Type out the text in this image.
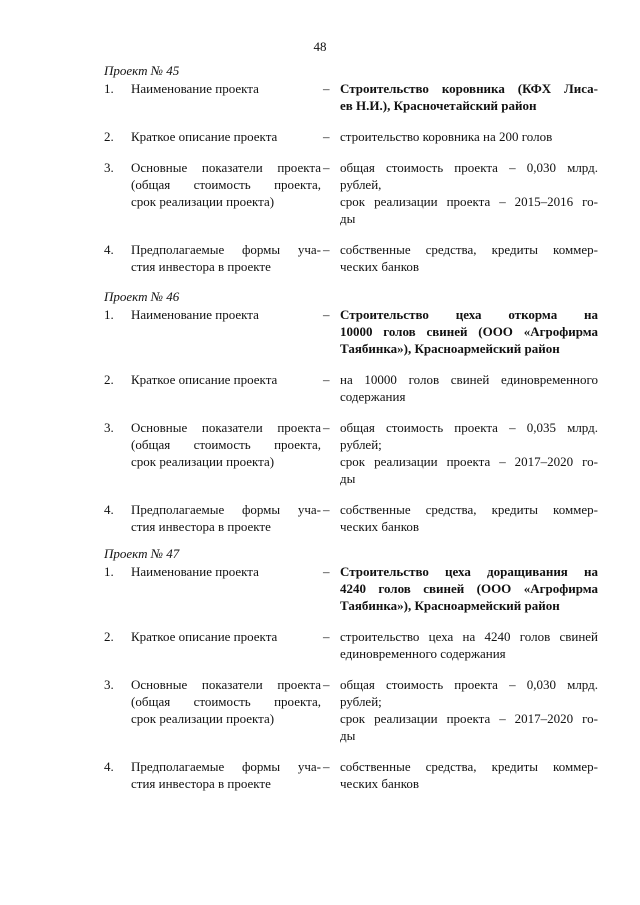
48
Проект № 45
1.	Наименование проекта	– Строительство коровника (КФХ Лиса-
ев Н.И.), Красночетайский район
2.	Краткое описание проекта	– строительство коровника на 200 голов
3.	Основные показатели проекта
(общая стоимость проекта,
срок реализации проекта)
– общая стоимость проекта – 0,030 млрд.
рублей,
срок реализации проекта – 2015–2016 го-
ды
4.	Предполагаемые формы уча-
стия инвестора в проекте
– собственные средства, кредиты коммер-
ческих банков
Проект № 46
1.	Наименование проекта	– Строительство цеха откорма на
10000 голов свиней (ООО «Агрофирма
Таябинка»), Красноармейский район
2.	Краткое описание проекта	– на 10000 голов свиней единовременного
содержания
3.	Основные показатели проекта
(общая стоимость проекта,
срок реализации проекта)
– общая стоимость проекта – 0,035 млрд.
рублей;
срок реализации проекта – 2017–2020 го-
ды
4.	Предполагаемые формы уча-
стия инвестора в проекте
– собственные средства, кредиты коммер-
ческих банков
Проект № 47
1.	Наименование проекта	– Строительство цеха доращивания на
4240 голов свиней (ООО «Агрофирма
Таябинка»), Красноармейский район
2.	Краткое описание проекта	– строительство цеха на 4240 голов свиней
единовременного содержания
3.	Основные показатели проекта
(общая стоимость проекта,
срок реализации проекта)
– общая стоимость проекта – 0,030 млрд.
рублей;
срок реализации проекта – 2017–2020 го-
ды
4.	Предполагаемые формы уча-
стия инвестора в проекте
– собственные средства, кредиты коммер-
ческих банков
